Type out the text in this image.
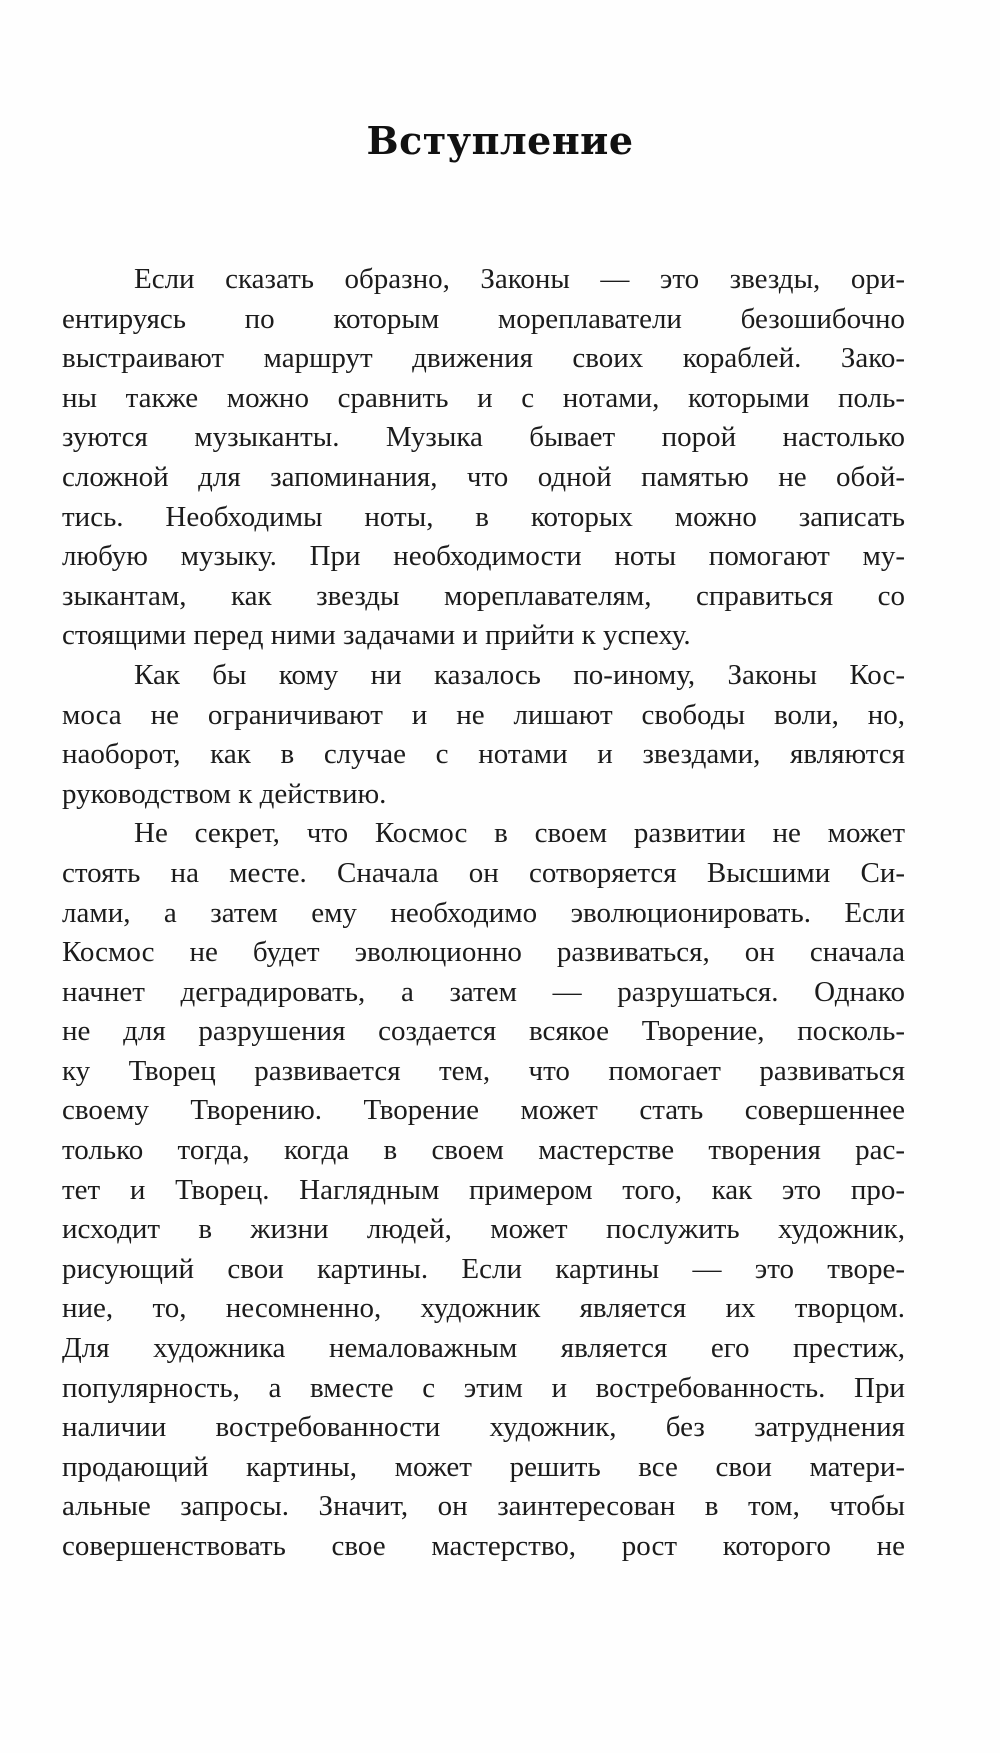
Вступление
Если сказать образно, Законы — это звезды, ори-
ентируясь по которым мореплаватели безошибочно
выстраивают маршрут движения своих кораблей. Зако-
ны также можно сравнить и с нотами, которыми поль-
зуются музыканты. Музыка бывает порой настолько
сложной для запоминания, что одной памятью не обой-
тись. Необходимы ноты, в которых можно записать
любую музыку. При необходимости ноты помогают му-
зыкантам, как звезды мореплавателям, справиться со
стоящими перед ними задачами и прийти к успеху.
Как бы кому ни казалось по-иному, Законы Кос-
моса не ограничивают и не лишают свободы воли, но,
наоборот, как в случае с нотами и звездами, являются
руководством к действию.
Не секрет, что Космос в своем развитии не может
стоять на месте. Сначала он сотворяется Высшими Си-
лами, а затем ему необходимо эволюционировать. Если
Космос не будет эволюционно развиваться, он сначала
начнет деградировать, а затем — разрушаться. Однако
не для разрушения создается всякое Творение, посколь-
ку Творец развивается тем, что помогает развиваться
своему Творению. Творение может стать совершеннее
только тогда, когда в своем мастерстве творения рас-
тет и Творец. Наглядным примером того, как это про-
исходит в жизни людей, может послужить художник,
рисующий свои картины. Если картины — это творе-
ние, то, несомненно, художник является их творцом.
Для художника немаловажным является его престиж,
популярность, а вместе с этим и востребованность. При
наличии востребованности художник, без затруднения
продающий картины, может решить все свои матери-
альные запросы. Значит, он заинтересован в том, чтобы
совершенствовать свое мастерство, рост которого не
